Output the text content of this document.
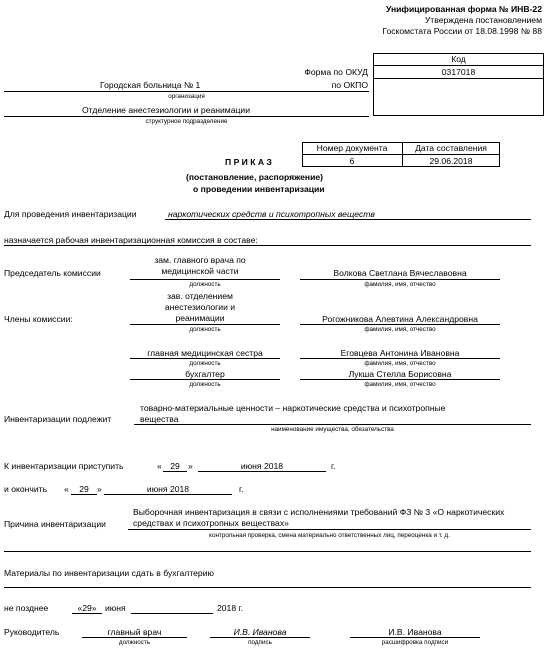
Унифицированная форма № ИНВ-22
Утверждена постановлением
Госкомстата России от 18.08.1998 № 88
Код
0317018
Форма по ОКУД
по ОКПО
Городская больница № 1
организация
Отделение анестезиологии и реанимации
структурное подразделение
Номер документа	Дата составления
6	29.06.2018
П Р И К А З
(постановление, распоряжение)
о проведении инвентаризации
Для проведения инвентаризации	наркотических средств и психотропных веществ
назначается рабочая инвентаризационная комиссия в составе:
Председатель комиссии
зам. главного врача по медицинской части
должность
Волкова Светлана Вячеславовна
фамилия, имя, отчество
Члены комиссии:
зав. отделением анестезиологии и реанимации
должность
Рогожникова Алевтина Александровна
фамилия, имя, отчество
главная медицинская сестра
должность
Еговцева Антонина Ивановна
фамилия, имя, отчество
бухгалтер
должность
Лукша Стелла Борисовна
фамилия, имя, отчество
Инвентаризации подлежит
товарно-материальные ценности – наркотические средства и психотропные вещества
наименование имущества, обязательства
К инвентаризации приступить	« 29 »	июня 2018	г.
и окончить «	29 »	июня 2018	г.
Причина инвентаризации
Выборочная инвентаризация в связи с исполнениями требований ФЗ № 3 «О наркотических средствах и психотропных веществах»
контрольная проверка, смена материально ответственных лиц, переоценка и т. д.
Материалы по инвентаризации сдать в бухгалтерию
не позднее	«29» июня	2018 г.
Руководитель	главный врач
должность
И.В. Иванова
подпись
И.В. Иванова
расшифровка подписи
